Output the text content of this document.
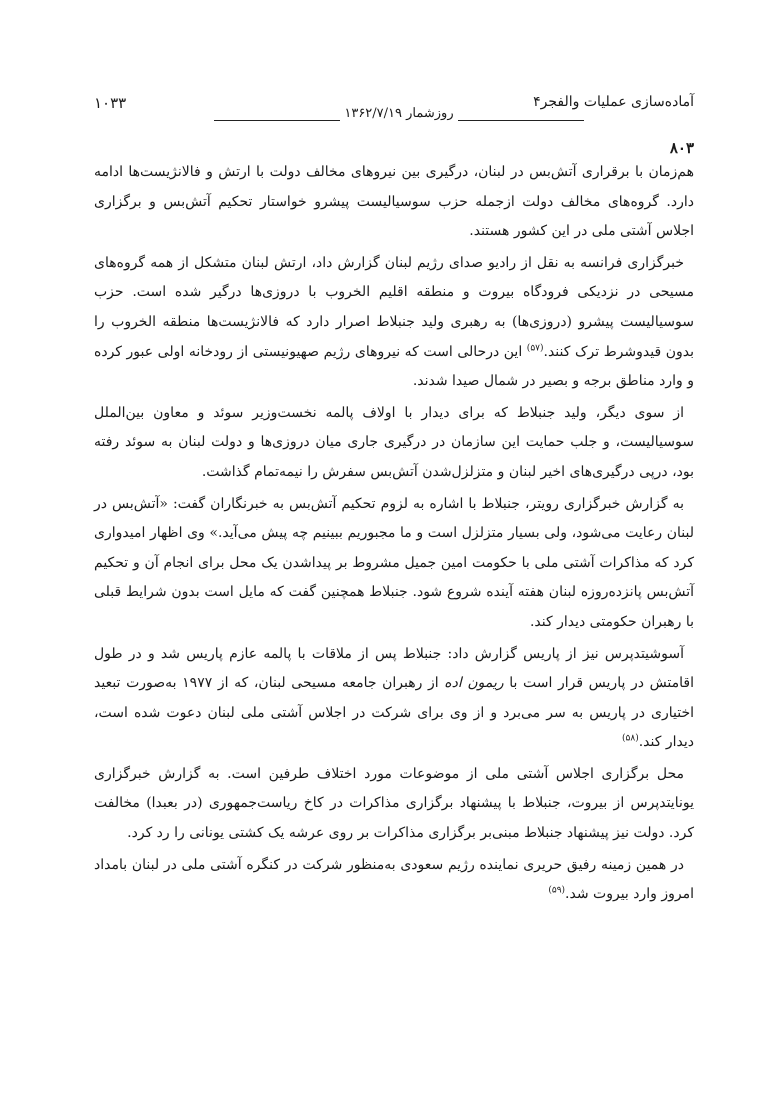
آماده‌سازی عملیات والفجر۴
روزشمار ۱۳۶۲/۷/۱۹
۱۰۳۳
۸۰۳

هم‌زمان با برقراری آتش‌بس در لبنان، درگیری بین نیروهای مخالف دولت با ارتش و فالانژیست‌ها ادامه دارد. گروه‌های مخالف دولت ازجمله حزب سوسیالیست پیشرو خواستار تحکیم آتش‌بس و برگزاری اجلاس آشتی ملی در این کشور هستند.

خبرگزاری فرانسه به نقل از رادیو صدای رژیم لبنان گزارش داد، ارتش لبنان متشکل از همه گروه‌های مسیحی در نزدیکی فرودگاه بیروت و منطقه اقلیم الخروب با دروزی‌ها درگیر شده است. حزب سوسیالیست پیشرو (دروزی‌ها) به رهبری ولید جنبلاط اصرار دارد که فالانژیست‌ها منطقه الخروب را بدون قیدوشرط ترک کنند.$^{(۵۷)}$ این درحالی است که نیروهای رژیم صهیونیستی از رودخانه اولی عبور کرده و وارد مناطق برجه و بصیر در شمال صیدا شدند.

از سوی دیگر، ولید جنبلاط که برای دیدار با اولاف پالمه نخست‌وزیر سوئد و معاون بین‌الملل سوسیالیست، و جلب حمایت این سازمان در درگیری جاری میان دروزی‌ها و دولت لبنان به سوئد رفته بود، درپی درگیری‌های اخیر لبنان و متزلزل‌شدن آتش‌بس سفرش را نیمه‌تمام گذاشت.

به گزارش خبرگزاری رویتر، جنبلاط با اشاره به لزوم تحکیم آتش‌بس به خبرنگاران گفت: «آتش‌بس در لبنان رعایت می‌شود، ولی بسیار متزلزل است و ما مجبوریم ببینیم چه پیش می‌آید.» وی اظهار امیدواری کرد که مذاکرات آشتی ملی با حکومت امین جمیل مشروط بر پیداشدن یک محل برای انجام آن و تحکیم آتش‌بس پانزده‌روزه لبنان هفته آینده شروع شود. جنبلاط همچنین گفت که مایل است بدون شرایط قبلی با رهبران حکومتی دیدار کند.

آسوشیتدپرس نیز از پاریس گزارش داد: جنبلاط پس از ملاقات با پالمه عازم پاریس شد و در طول اقامتش در پاریس قرار است با ریمون اده از رهبران جامعه مسیحی لبنان، که از ۱۹۷۷ به‌صورت تبعید اختیاری در پاریس به سر می‌برد و از وی برای شرکت در اجلاس آشتی ملی لبنان دعوت شده است، دیدار کند.$^{(۵۸)}$

محل برگزاری اجلاس آشتی ملی از موضوعات مورد اختلاف طرفین است. به گزارش خبرگزاری یونایتدپرس از بیروت، جنبلاط با پیشنهاد برگزاری مذاکرات در کاخ ریاست‌جمهوری (در بعبدا) مخالفت کرد. دولت نیز پیشنهاد جنبلاط مبنی‌بر برگزاری مذاکرات بر روی عرشه یک کشتی یونانی را رد کرد.

در همین زمینه رفیق حریری نماینده رژیم سعودی به‌منظور شرکت در کنگره آشتی ملی در لبنان بامداد امروز وارد بیروت شد.$^{(۵۹)}$
